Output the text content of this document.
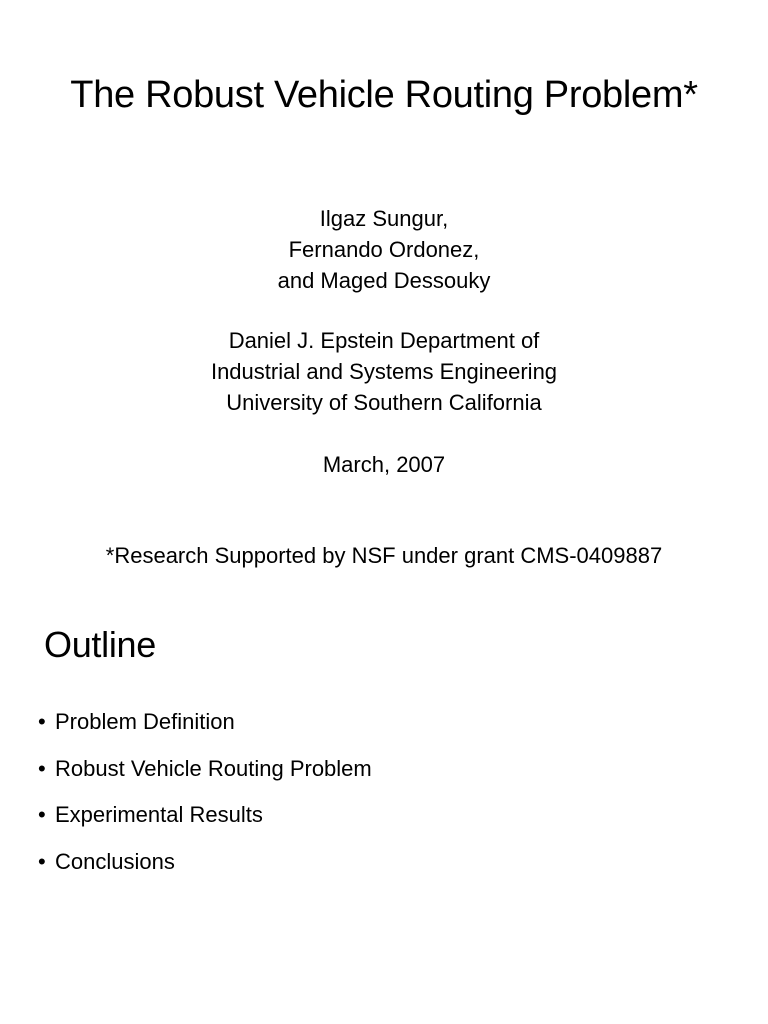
The Robust Vehicle Routing Problem*
Ilgaz Sungur,
Fernando Ordonez,
and Maged Dessouky
Daniel J. Epstein Department of
Industrial and Systems Engineering
University of Southern California
March, 2007
*Research Supported by NSF under grant CMS-0409887
Outline
• Problem Definition
• Robust Vehicle Routing Problem
• Experimental Results
• Conclusions
